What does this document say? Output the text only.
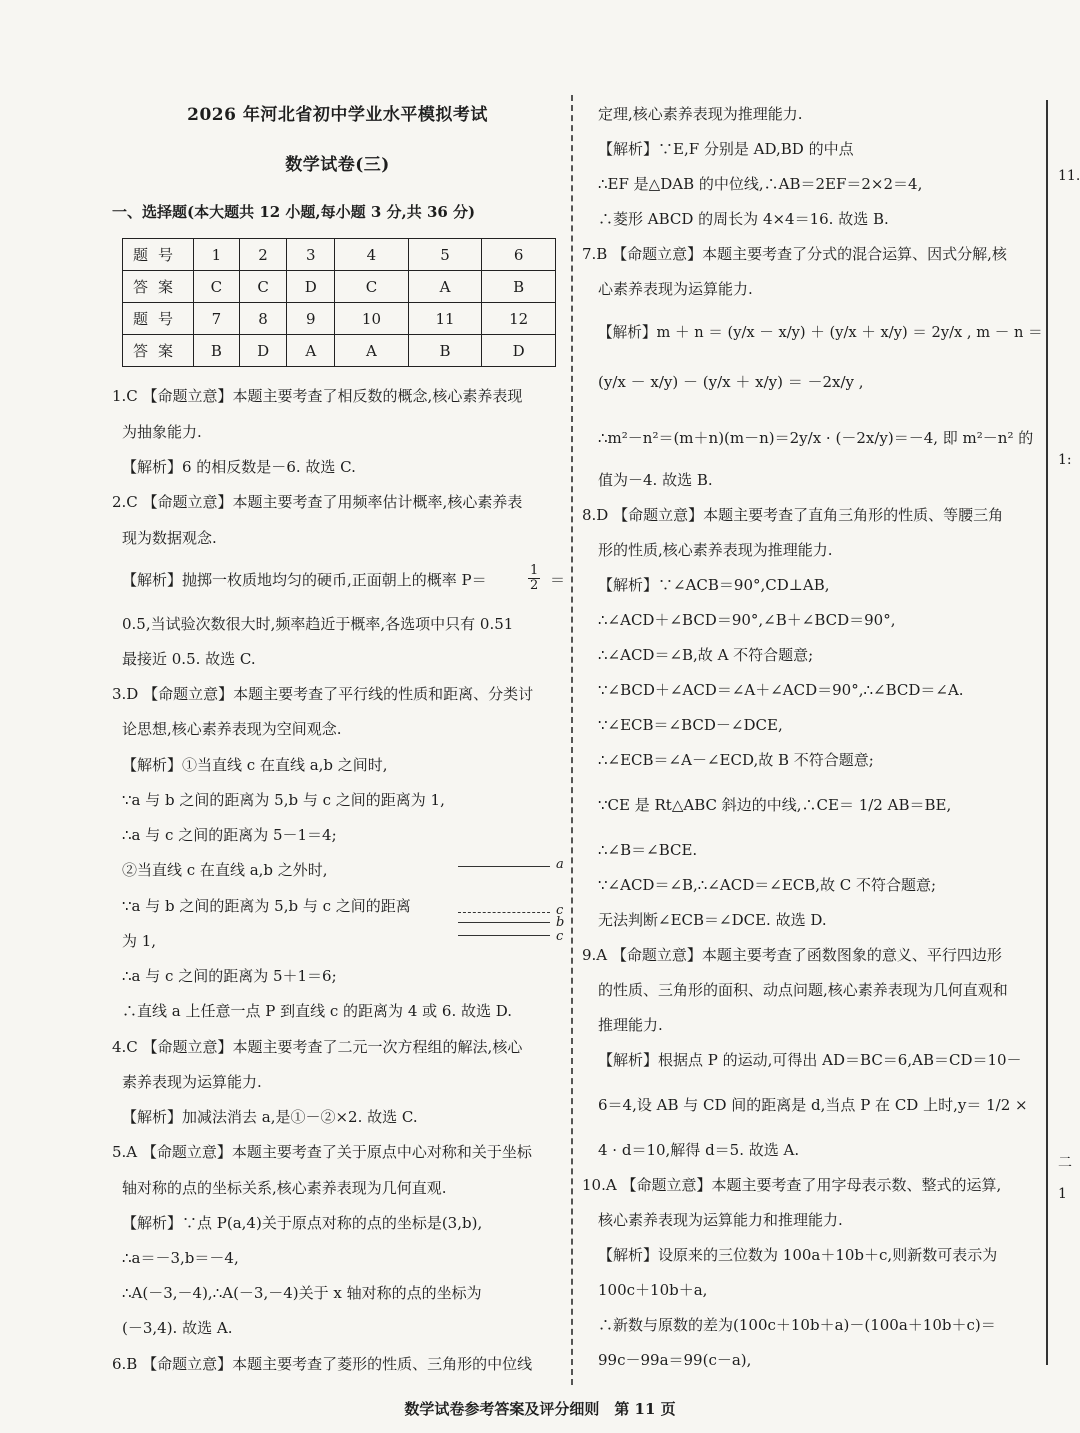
11.
1:
二
1
2026 年河北省初中学业水平模拟考试
数学试卷(三)
一、选择题(本大题共 12 小题,每小题 3 分,共 36 分)
题号	1	2	3	4	5	6
答案	C	C	D	C	A	B
题号	7	8	9	10	11	12
答案	B	D	A	A	B	D
1.C 【命题立意】本题主要考查了相反数的概念,核心素养表现
为抽象能力.
【解析】6 的相反数是－6. 故选 C.
2.C 【命题立意】本题主要考查了用频率估计概率,核心素养表
现为数据观念.
【解析】抛掷一枚质地均匀的硬币,正面朝上的概率 P＝	$\frac{1}{2}$ ＝
0.5,当试验次数很大时,频率趋近于概率,各选项中只有 0.51
最接近 0.5. 故选 C.
3.D 【命题立意】本题主要考查了平行线的性质和距离、分类讨
论思想,核心素养表现为空间观念.
【解析】①当直线 c 在直线 a,b 之间时,
∵a 与 b 之间的距离为 5,b 与 c 之间的距离为 1,
∴a 与 c 之间的距离为 5－1＝4;
②当直线 c 在直线 a,b 之外时,
∵a 与 b 之间的距离为 5,b 与 c 之间的距离
为 1,
∴a 与 c 之间的距离为 5＋1＝6;
∴直线 a 上任意一点 P 到直线 c 的距离为 4 或 6. 故选 D.
4.C 【命题立意】本题主要考查了二元一次方程组的解法,核心
素养表现为运算能力.
【解析】加减法消去 a,是①－②×2. 故选 C.
5.A 【命题立意】本题主要考查了关于原点中心对称和关于坐标
轴对称的点的坐标关系,核心素养表现为几何直观.
【解析】∵点 P(a,4)关于原点对称的点的坐标是(3,b),
∴a＝－3,b＝－4,
∴A(－3,－4),∴A(－3,－4)关于 x 轴对称的点的坐标为
(－3,4). 故选 A.
6.B 【命题立意】本题主要考查了菱形的性质、三角形的中位线
a
c
b
c
定理,核心素养表现为推理能力.
【解析】∵E,F 分别是 AD,BD 的中点
∴EF 是△DAB 的中位线,∴AB＝2EF＝2×2＝4,
∴菱形 ABCD 的周长为 4×4＝16. 故选 B.
7.B 【命题立意】本题主要考查了分式的混合运算、因式分解,核
心素养表现为运算能力.
【解析】m ＋ n ＝ (y/x － x/y) ＋ (y/x ＋ x/y) ＝ 2y/x , m － n ＝
(y/x － x/y) － (y/x ＋ x/y) ＝ －2x/y ,
∴m²－n²＝(m＋n)(m－n)＝2y/x · (－2x/y)＝－4, 即 m²－n² 的
值为－4. 故选 B.
8.D 【命题立意】本题主要考查了直角三角形的性质、等腰三角
形的性质,核心素养表现为推理能力.
【解析】∵∠ACB＝90°,CD⊥AB,
∴∠ACD＋∠BCD＝90°,∠B＋∠BCD＝90°,
∴∠ACD＝∠B,故 A 不符合题意;
∵∠BCD＋∠ACD＝∠A＋∠ACD＝90°,∴∠BCD＝∠A.
∵∠ECB＝∠BCD－∠DCE,
∴∠ECB＝∠A－∠ECD,故 B 不符合题意;
∵CE 是 Rt△ABC 斜边的中线,∴CE＝ 1/2 AB＝BE,
∴∠B＝∠BCE.
∵∠ACD＝∠B,∴∠ACD＝∠ECB,故 C 不符合题意;
无法判断∠ECB＝∠DCE. 故选 D.
9.A 【命题立意】本题主要考查了函数图象的意义、平行四边形
的性质、三角形的面积、动点问题,核心素养表现为几何直观和
推理能力.
【解析】根据点 P 的运动,可得出 AD＝BC＝6,AB＝CD＝10－
6＝4,设 AB 与 CD 间的距离是 d,当点 P 在 CD 上时,y＝ 1/2 ×
4 · d＝10,解得 d＝5. 故选 A.
10.A 【命题立意】本题主要考查了用字母表示数、整式的运算,
核心素养表现为运算能力和推理能力.
【解析】设原来的三位数为 100a＋10b＋c,则新数可表示为
100c＋10b＋a,
∴新数与原数的差为(100c＋10b＋a)－(100a＋10b＋c)＝
99c－99a＝99(c－a),
数学试卷参考答案及评分细则　第 11 页
